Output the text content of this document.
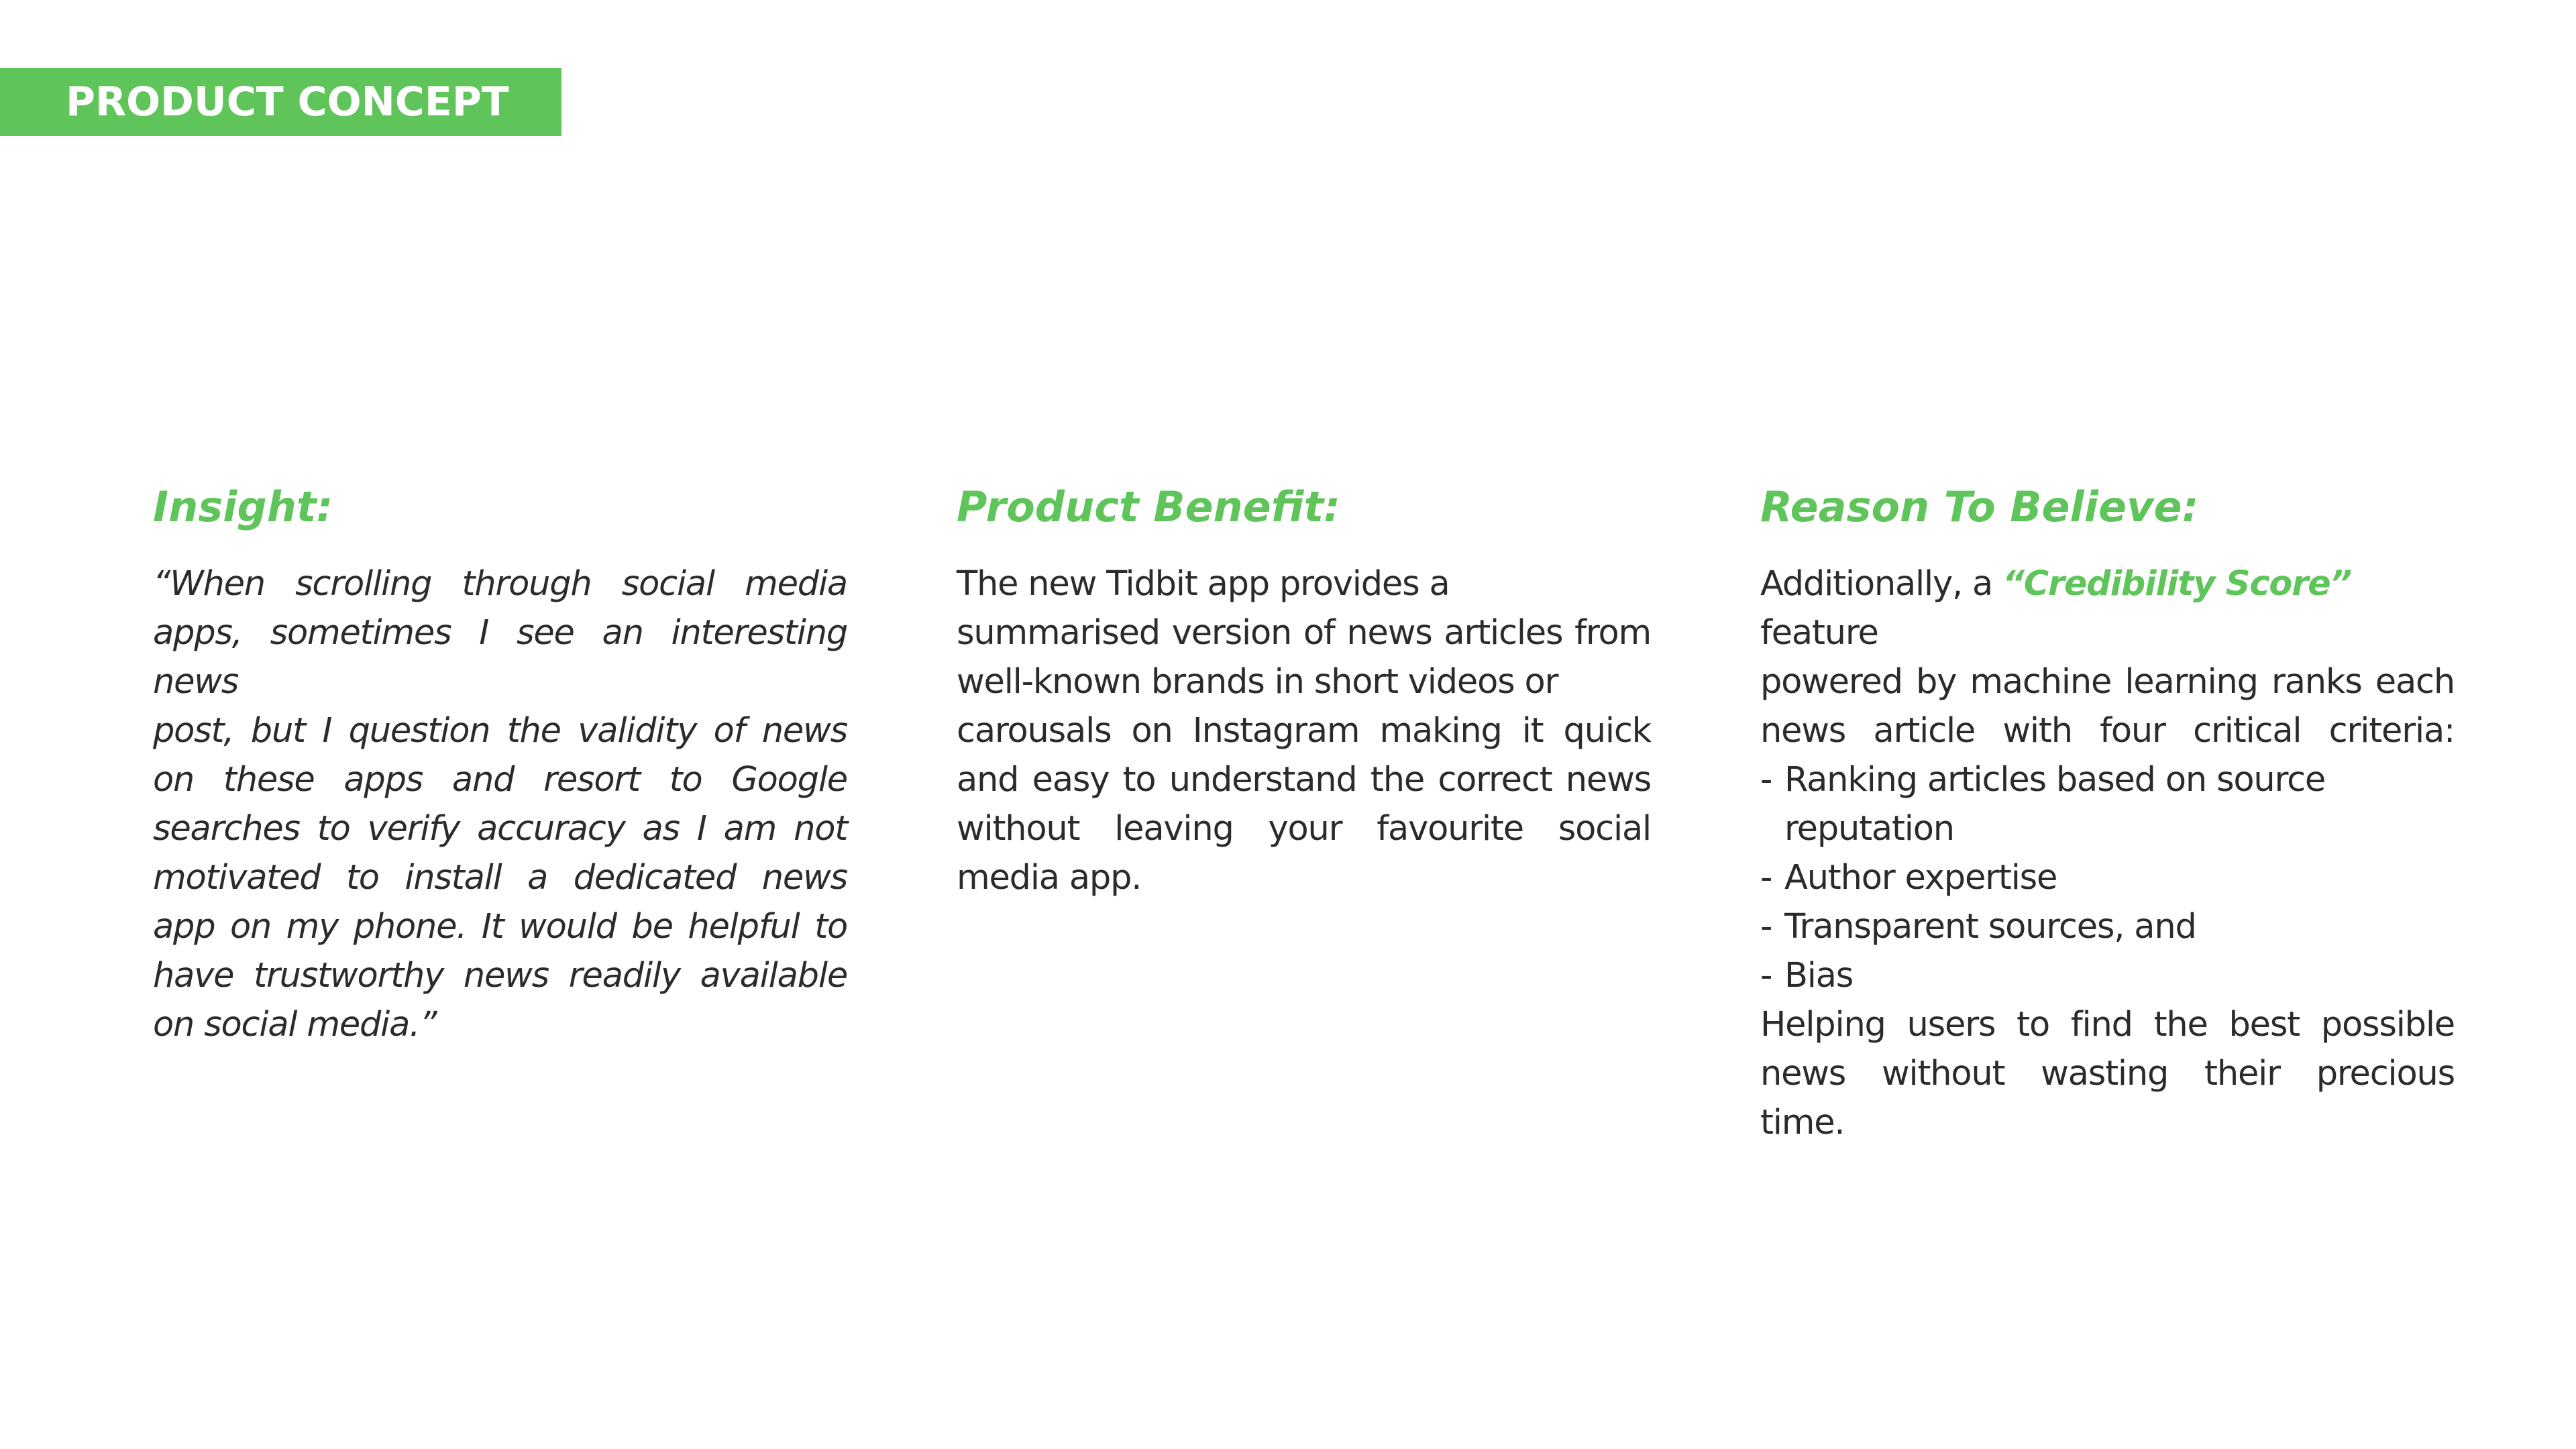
PRODUCT CONCEPT
Insight:
“When scrolling through social media
apps, sometimes I see an interesting news
post, but I question the validity of news
on these apps and resort to Google
searches to verify accuracy as I am not
motivated to install a dedicated news
app on my phone. It would be helpful to
have trustworthy news readily available
on social media.”
Product Benefit:
The new Tidbit app provides a
summarised version of news articles from
well-known brands in short videos or
carousals on Instagram making it quick
and easy to understand the correct news
without leaving your favourite social
media app.
Reason To Believe:
Additionally, a “Credibility Score” feature
powered by machine learning ranks each
news article with four critical criteria:
- Ranking articles based on source reputation
- Author expertise
- Transparent sources, and
- Bias
Helping users to find the best possible
news without wasting their precious
time.
